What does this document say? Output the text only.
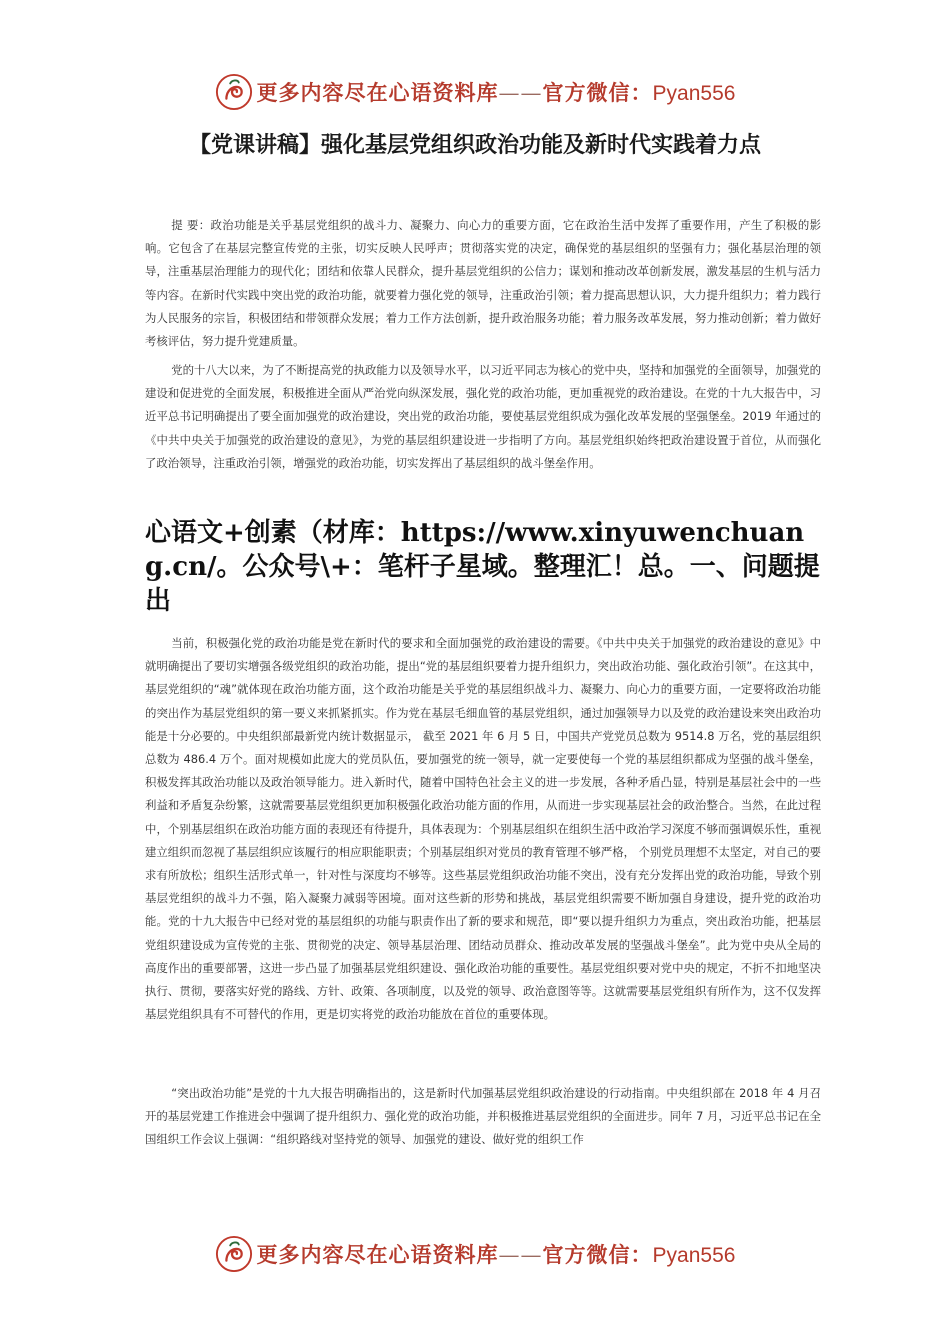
更多内容尽在心语资料库——官方微信：Pyan556
【党课讲稿】强化基层党组织政治功能及新时代实践着力点

提 要：政治功能是关乎基层党组织的战斗力、凝聚力、向心力的重要方面，它在政治生活中发挥了重要作用，产生了积极的影响。它包含了在基层完整宣传党的主张，切实反映人民呼声；贯彻落实党的决定，确保党的基层组织的坚强有力；强化基层治理的领导，注重基层治理能力的现代化；团结和依靠人民群众，提升基层党组织的公信力；谋划和推动改革创新发展，激发基层的生机与活力等内容。在新时代实践中突出党的政治功能，就要着力强化党的领导，注重政治引领；着力提高思想认识，大力提升组织力；着力践行为人民服务的宗旨，积极团结和带领群众发展；着力工作方法创新，提升政治服务功能；着力服务改革发展，努力推动创新；着力做好考核评估，努力提升党建质量。

党的十八大以来，为了不断提高党的执政能力以及领导水平，以习近平同志为核心的党中央，坚持和加强党的全面领导，加强党的建设和促进党的全面发展，积极推进全面从严治党向纵深发展，强化党的政治功能，更加重视党的政治建设。在党的十九大报告中，习近平总书记明确提出了要全面加强党的政治建设，突出党的政治功能，要使基层党组织成为强化改革发展的坚强堡垒。2019 年通过的《中共中央关于加强党的政治建设的意见》，为党的基层组织建设进一步指明了方向。基层党组织始终把政治建设置于首位，从而强化了政治领导，注重政治引领，增强党的政治功能，切实发挥出了基层组织的战斗堡垒作用。

心语文+创素（材库：https://www.xinyuwenchuang.cn/。公众号\+：笔杆子星域。整理汇！总。一、问题提出

当前，积极强化党的政治功能是党在新时代的要求和全面加强党的政治建设的需要。《中共中央关于加强党的政治建设的意见》中就明确提出了要切实增强各级党组织的政治功能，提出“党的基层组织要着力提升组织力，突出政治功能、强化政治引领”。在这其中，基层党组织的“魂”就体现在政治功能方面，这个政治功能是关乎党的基层组织战斗力、凝聚力、向心力的重要方面，一定要将政治功能的突出作为基层党组织的第一要义来抓紧抓实。作为党在基层毛细血管的基层党组织，通过加强领导力以及党的政治建设来突出政治功能是十分必要的。中央组织部最新党内统计数据显示， 截至 2021 年 6 月 5 日，中国共产党党员总数为 9514.8 万名，党的基层组织总数为 486.4 万个。面对规模如此庞大的党员队伍，要加强党的统一领导，就一定要使每一个党的基层组织都成为坚强的战斗堡垒，积极发挥其政治功能以及政治领导能力。进入新时代，随着中国特色社会主义的进一步发展，各种矛盾凸显，特别是基层社会中的一些利益和矛盾复杂纷繁，这就需要基层党组织更加积极强化政治功能方面的作用，从而进一步实现基层社会的政治整合。当然，在此过程中，个别基层组织在政治功能方面的表现还有待提升，具体表现为：个别基层组织在组织生活中政治学习深度不够而强调娱乐性，重视建立组织而忽视了基层组织应该履行的相应职能职责；个别基层组织对党员的教育管理不够严格， 个别党员理想不太坚定，对自己的要求有所放松；组织生活形式单一，针对性与深度均不够等。这些基层党组织政治功能不突出，没有充分发挥出党的政治功能，导致个别基层党组织的战斗力不强，陷入凝聚力减弱等困境。面对这些新的形势和挑战，基层党组织需要不断加强自身建设，提升党的政治功能。党的十九大报告中已经对党的基层组织的功能与职责作出了新的要求和规范，即“要以提升组织力为重点，突出政治功能，把基层党组织建设成为宣传党的主张、贯彻党的决定、领导基层治理、团结动员群众、推动改革发展的坚强战斗堡垒”。此为党中央从全局的高度作出的重要部署，这进一步凸显了加强基层党组织建设、强化政治功能的重要性。基层党组织要对党中央的规定，不折不扣地坚决执行、贯彻，要落实好党的路线、方针、政策、各项制度，以及党的领导、政治意图等等。这就需要基层党组织有所作为，这不仅发挥基层党组织具有不可替代的作用，更是切实将党的政治功能放在首位的重要体现。

“突出政治功能”是党的十九大报告明确指出的，这是新时代加强基层党组织政治建设的行动指南。中央组织部在 2018 年 4 月召开的基层党建工作推进会中强调了提升组织力、强化党的政治功能，并积极推进基层党组织的全面进步。同年 7 月，习近平总书记在全国组织工作会议上强调：“组织路线对坚持党的领导、加强党的建设、做好党的组织工作

更多内容尽在心语资料库——官方微信：Pyan556
